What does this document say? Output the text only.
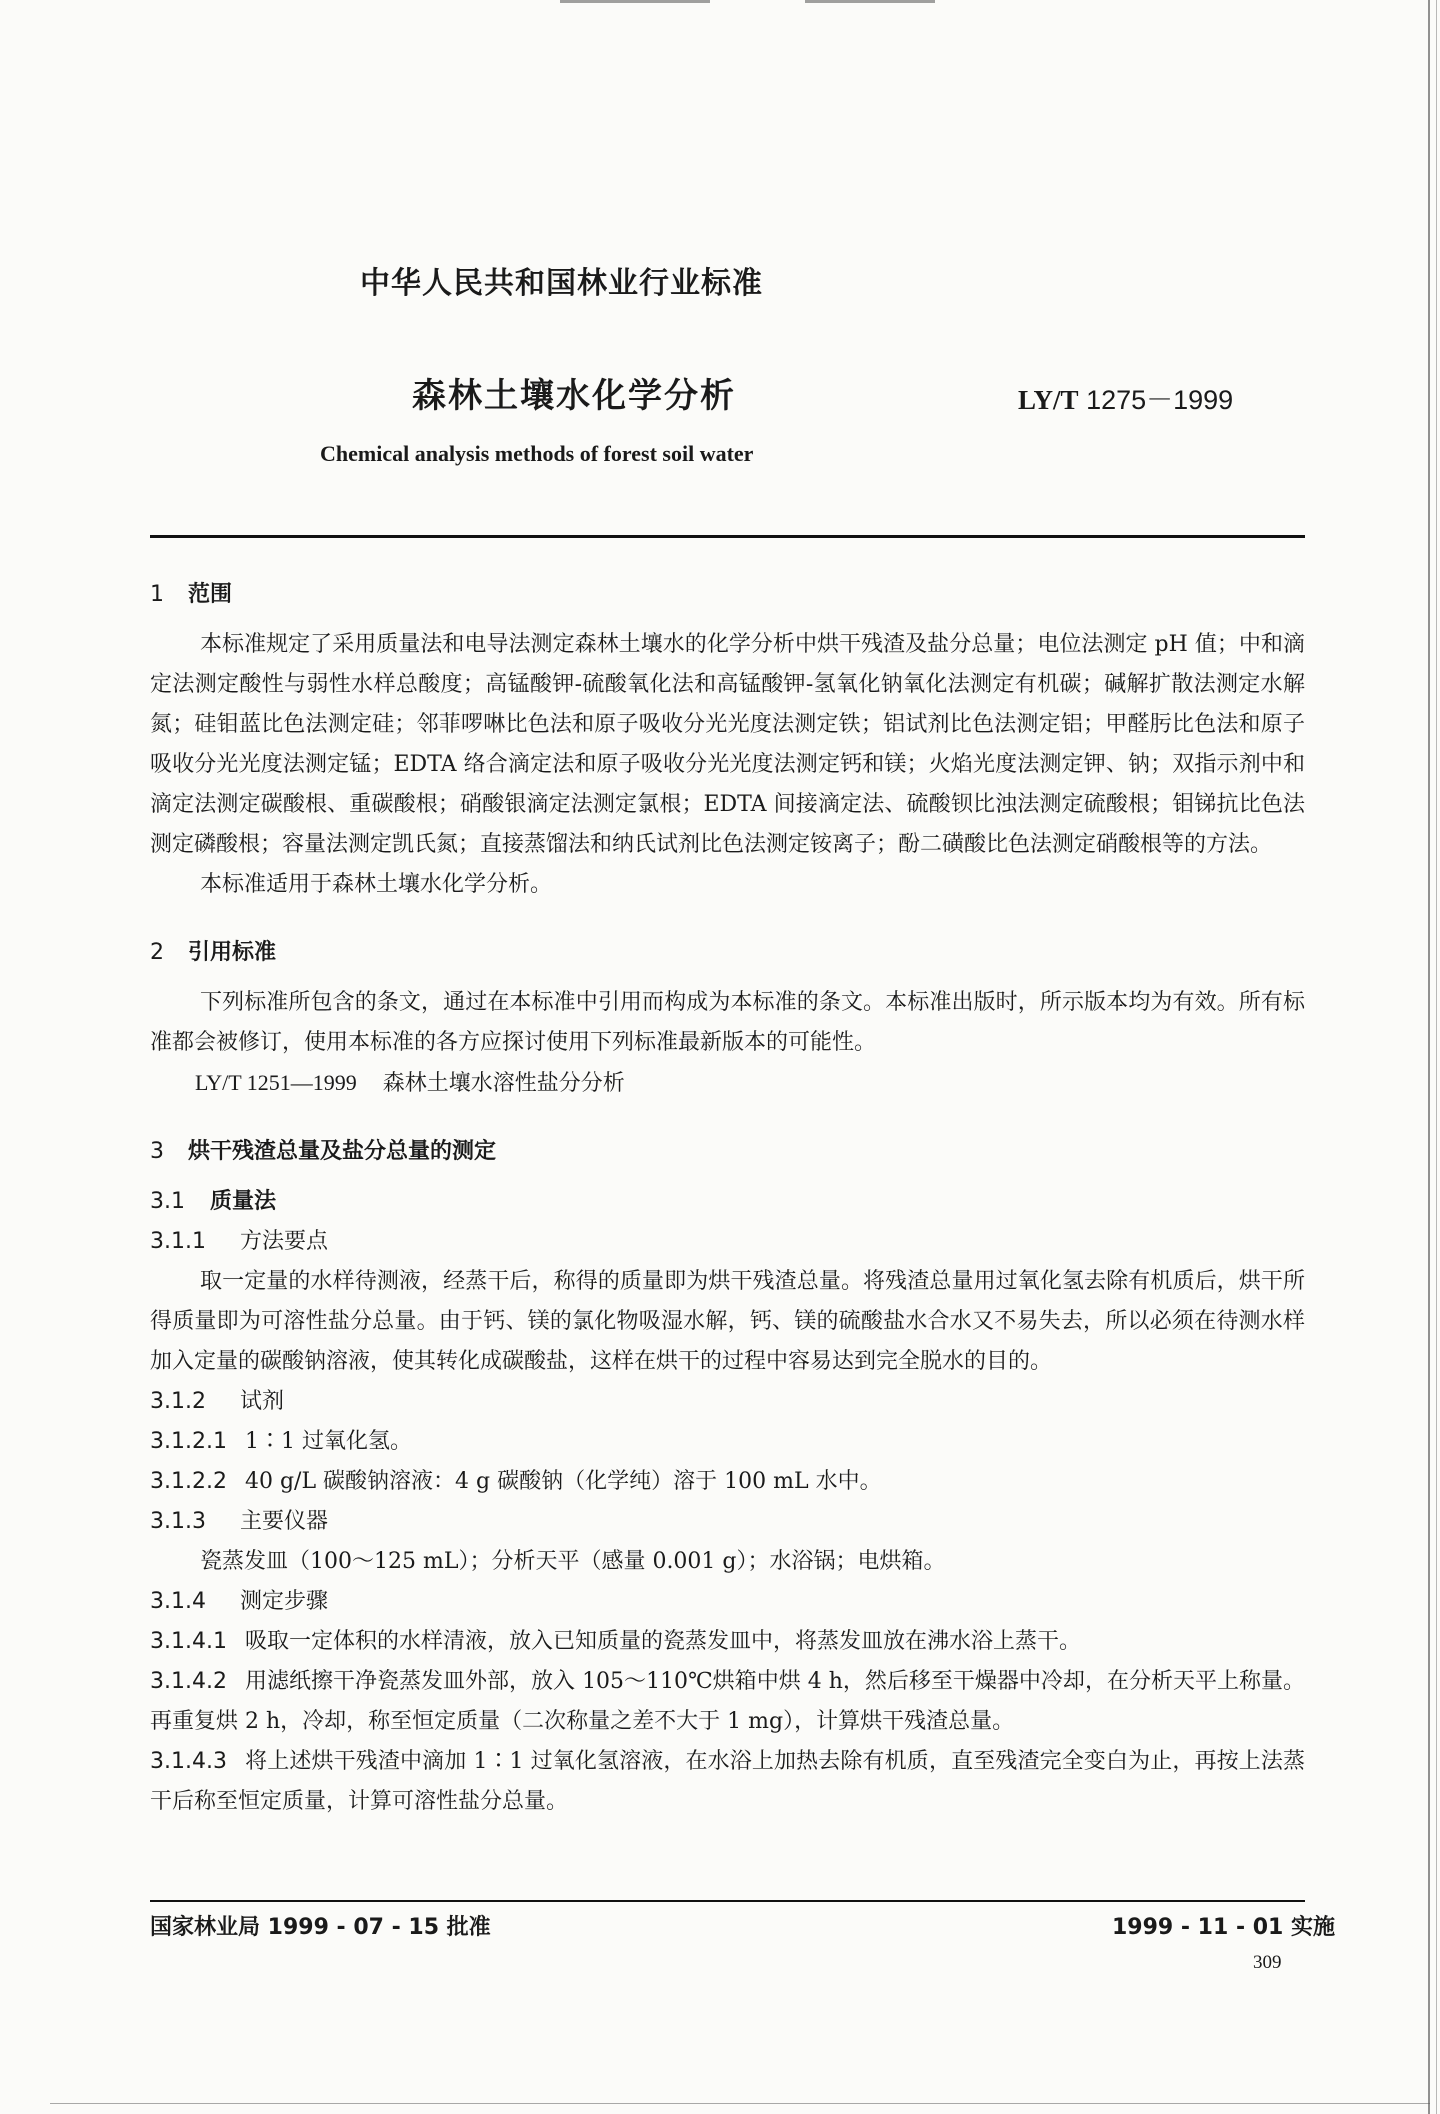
中华人民共和国林业行业标准
森林土壤水化学分析	LY/T 1275－1999
Chemical analysis methods of forest soil water

1 范围

本标准规定了采用质量法和电导法测定森林土壤水的化学分析中烘干残渣及盐分总量；电位法测定 pH 值；中和滴定法测定酸性与弱性水样总酸度；高锰酸钾-硫酸氧化法和高锰酸钾-氢氧化钠氧化法测定有机碳；碱解扩散法测定水解氮；硅钼蓝比色法测定硅；邻菲啰啉比色法和原子吸收分光光度法测定铁；铝试剂比色法测定铝；甲醛肟比色法和原子吸收分光光度法测定锰；EDTA 络合滴定法和原子吸收分光光度法测定钙和镁；火焰光度法测定钾、钠；双指示剂中和滴定法测定碳酸根、重碳酸根；硝酸银滴定法测定氯根；EDTA 间接滴定法、硫酸钡比浊法测定硫酸根；钼锑抗比色法测定磷酸根；容量法测定凯氏氮；直接蒸馏法和纳氏试剂比色法测定铵离子；酚二磺酸比色法测定硝酸根等的方法。

本标准适用于森林土壤水化学分析。

2 引用标准

下列标准所包含的条文，通过在本标准中引用而构成为本标准的条文。本标准出版时，所示版本均为有效。所有标准都会被修订，使用本标准的各方应探讨使用下列标准最新版本的可能性。

LY/T 1251—1999 森林土壤水溶性盐分分析

3 烘干残渣总量及盐分总量的测定

3.1 质量法

3.1.1 方法要点

取一定量的水样待测液，经蒸干后，称得的质量即为烘干残渣总量。将残渣总量用过氧化氢去除有机质后，烘干所得质量即为可溶性盐分总量。由于钙、镁的氯化物吸湿水解，钙、镁的硫酸盐水合水又不易失去，所以必须在待测水样加入定量的碳酸钠溶液，使其转化成碳酸盐，这样在烘干的过程中容易达到完全脱水的目的。

3.1.2 试剂

3.1.2.1 1∶1 过氧化氢。

3.1.2.2 40 g/L 碳酸钠溶液：4 g 碳酸钠（化学纯）溶于 100 mL 水中。

3.1.3 主要仪器

瓷蒸发皿（100～125 mL）；分析天平（感量 0.001 g）；水浴锅；电烘箱。

3.1.4 测定步骤

3.1.4.1 吸取一定体积的水样清液，放入已知质量的瓷蒸发皿中，将蒸发皿放在沸水浴上蒸干。

3.1.4.2 用滤纸擦干净瓷蒸发皿外部，放入 105～110℃烘箱中烘 4 h，然后移至干燥器中冷却，在分析天平上称量。再重复烘 2 h，冷却，称至恒定质量（二次称量之差不大于 1 mg），计算烘干残渣总量。

3.1.4.3 将上述烘干残渣中滴加 1∶1 过氧化氢溶液，在水浴上加热去除有机质，直至残渣完全变白为止，再按上法蒸干后称至恒定质量，计算可溶性盐分总量。

国家林业局 1999 - 07 - 15 批准	1999 - 11 - 01 实施
309
